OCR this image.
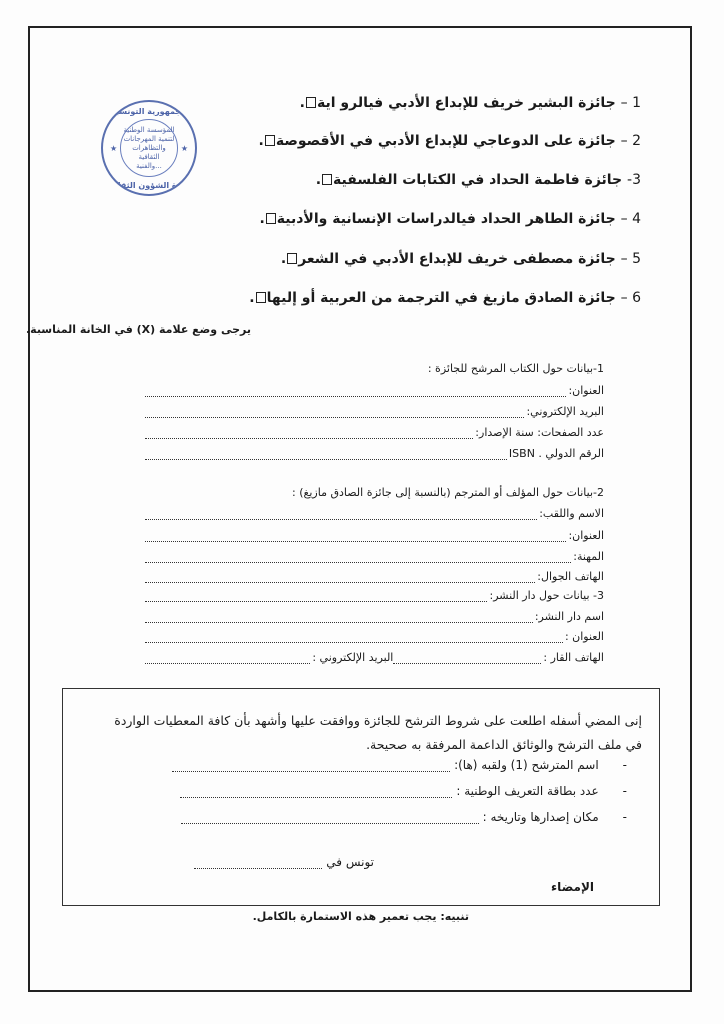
الجمهورية التونسية
★	★
المؤسسة الوطنية
لتنمية المهرجانات
والتظاهرات الثقافية
...والفنية
وزارة الشؤون الثقافية
1 – جائزة البشير خريف للإبداع الأدبي فيالرو اية.
2 – جائزة على الدوعاجي للإبداع الأدبي في الأقصوصة.
3- جائزة فاطمة الحداد في الكتابات الفلسفية.
4 – جائزة الطاهر الحداد فيالدراسات الإنسانية والأدبية.
5 – جائزة مصطفى خريف للإبداع الأدبي في الشعر.
6 – جائزة الصادق مازيغ في الترجمة من العربية أو إليها.
يرجى وضع علامة (X) في الخانة المناسبة.
1-بيانات حول الكتاب المرشح للجائزة :
العنوان:
البريد الإلكتروني:
عدد الصفحات: سنة الإصدار:
الرقم الدولي . ISBN
2-بيانات حول المؤلف أو المترجم (بالنسبة إلى جائزة الصادق مازيغ) :
الاسم واللقب:
العنوان:
المهنة:
الهاتف الجوال:
3- بيانات حول دار النشر:
اسم دار النشر:
العنوان :
الهاتف القار :
البريد الإلكتروني :
إنى المضي أسفله اطلعت على شروط الترشح للجائزة ووافقت عليها وأشهد بأن كافة المعطيات الواردة في ملف الترشح والوثائق الداعمة المرفقة به صحيحة.
-
اسم المترشح (1) ولقبه (ها):
-
عدد بطاقة التعريف الوطنية :
-
مكان إصدارها وتاريخه :
تونس في
الإمضاء
تنبيه: يجب تعمير هذه الاستمارة بالكامل.
